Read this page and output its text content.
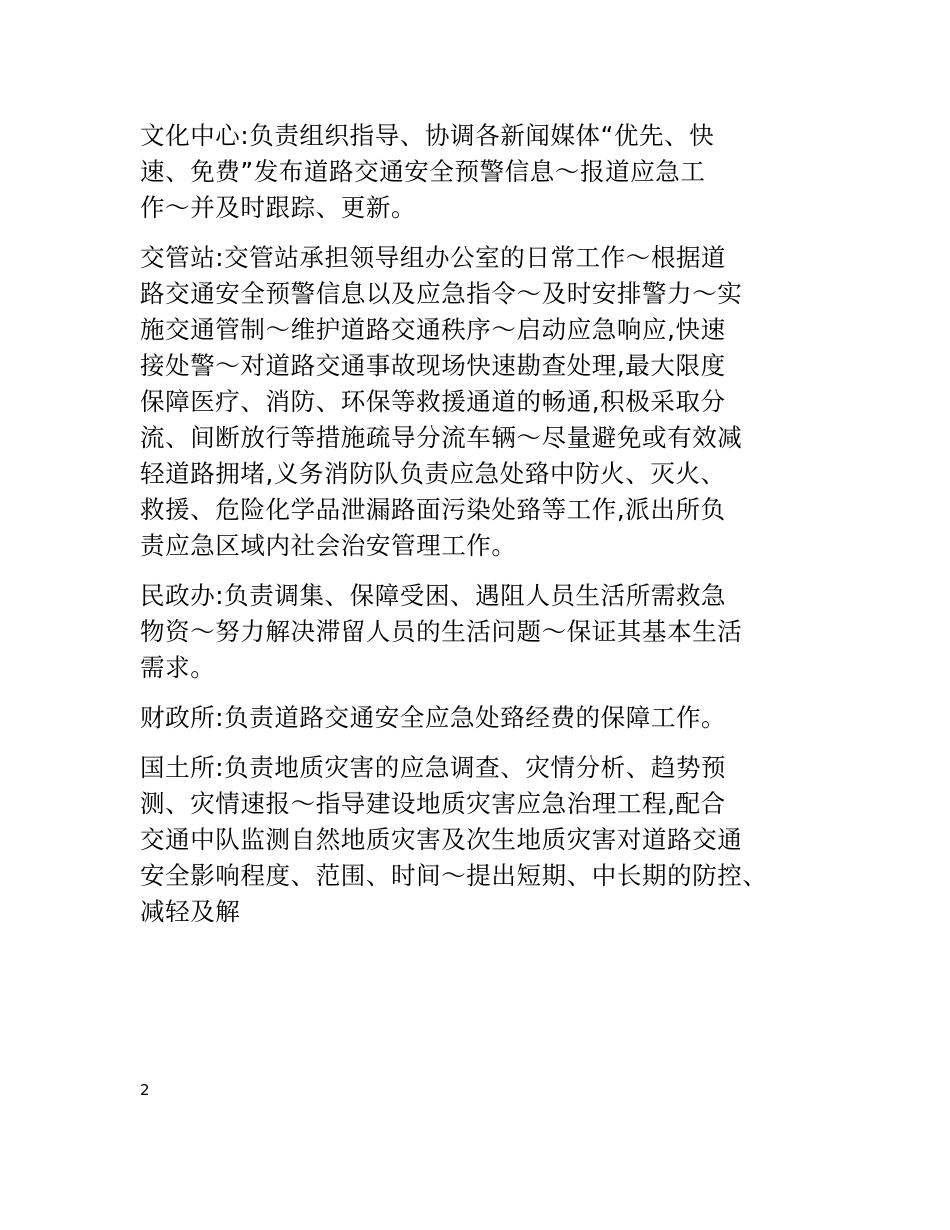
文化中心:负责组织指导、协调各新闻媒体“优先、快
速、免费”发布道路交通安全预警信息～报道应急工
作～并及时跟踪、更新。

交管站:交管站承担领导组办公室的日常工作～根据道
路交通安全预警信息以及应急指令～及时安排警力～实
施交通管制～维护道路交通秩序～启动应急响应,快速
接处警～对道路交通事故现场快速勘查处理,最大限度
保障医疗、消防、环保等救援通道的畅通,积极采取分
流、间断放行等措施疏导分流车辆～尽量避免或有效减
轻道路拥堵,义务消防队负责应急处臵中防火、灭火、
救援、危险化学品泄漏路面污染处臵等工作,派出所负
责应急区域内社会治安管理工作。

民政办:负责调集、保障受困、遇阻人员生活所需救急
物资～努力解决滞留人员的生活问题～保证其基本生活
需求。

财政所:负责道路交通安全应急处臵经费的保障工作。

国土所:负责地质灾害的应急调查、灾情分析、趋势预
测、灾情速报～指导建设地质灾害应急治理工程,配合
交通中队监测自然地质灾害及次生地质灾害对道路交通
安全影响程度、范围、时间～提出短期、中长期的防控、
减轻及解

2
